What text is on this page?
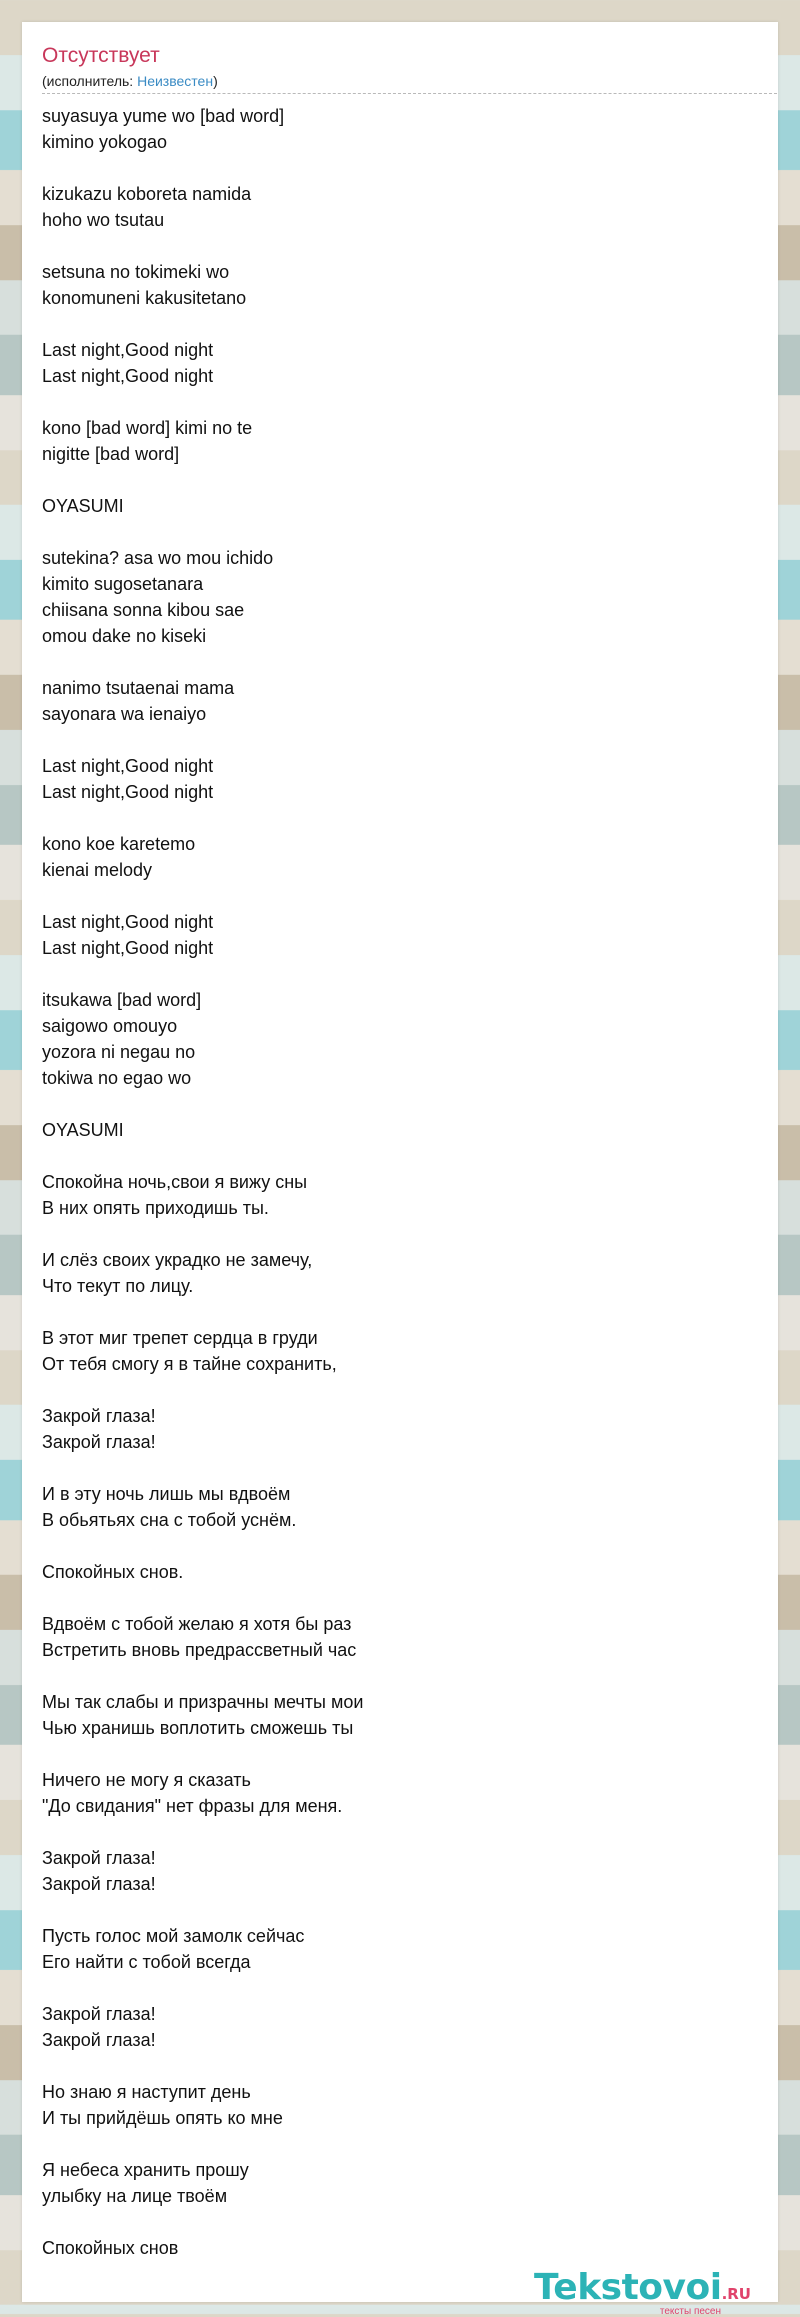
Отсутствует
(исполнитель: Неизвестен)
suyasuya yume wo [bad word]
kimino yokogao
kizukazu koboreta namida
hoho wo tsutau
setsuna no tokimeki wo
konomuneni kakusitetano
Last night,Good night
Last night,Good night
kono [bad word] kimi no te
nigitte [bad word]
OYASUMI
sutekina? asa wo mou ichido
kimito sugosetanara
chiisana sonna kibou sae
omou dake no kiseki
nanimo tsutaenai mama
sayonara wa ienaiyo
Last night,Good night
Last night,Good night
kono koe karetemo
kienai melody
Last night,Good night
Last night,Good night
itsukawa [bad word]
saigowo omouyo
yozora ni negau no
tokiwa no egao wo
OYASUMI
Спокойна ночь,свои я вижу сны
В них опять приходишь ты.
И слёз своих украдко не замечу,
Что текут по лицу.
В этот миг трепет сердца в груди
От тебя смогу я в тайне сохранить,
Закрой глаза!
Закрой глаза!
И в эту ночь лишь мы вдвоём
В обьятьях сна с тобой уснём.
Спокойных снов.
Вдвоём с тобой желаю я хотя бы раз
Встретить вновь предрассветный час
Мы так слабы и призрачны мечты мои
Чью хранишь воплотить сможешь ты
Ничего не могу я сказать
"До свидания" нет фразы для меня.
Закрой глаза!
Закрой глаза!
Пусть голос мой замолк сейчас
Его найти с тобой всегда
Закрой глаза!
Закрой глаза!
Но знаю я наступит день
И ты прийдёшь опять ко мне
Я небеса хранить прошу
улыбку на лице твоём
Спокойных снов
Tekstovoi.RU
тексты песен
